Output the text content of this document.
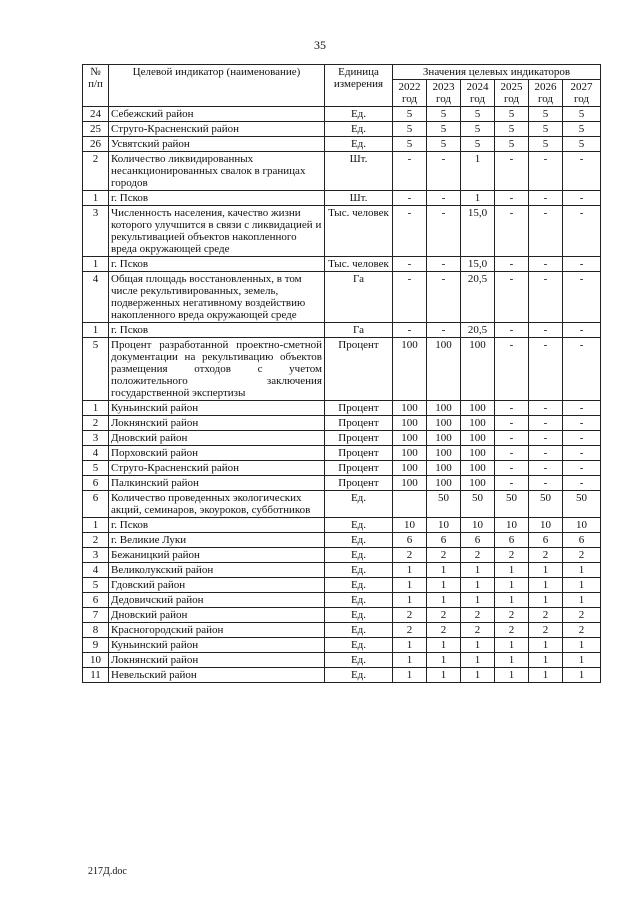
35
№ п/п	Целевой индикатор (наименование)	Единица измерения	Значения целевых индикаторов					
			2022 год	2023 год	2024 год	2025 год	2026 год	2027 год
24	Себежский район	Ед.	5	5	5	5	5	5
25	Струго-Красненский район	Ед.	5	5	5	5	5	5
26	Усвятский район	Ед.	5	5	5	5	5	5
2	Количество ликвидированных несанкционированных свалок в границах городов	Шт.	-	-	1	-	-	-
1	г. Псков	Шт.	-	-	1	-	-	-
3	Численность населения, качество жизни которого улучшится в связи с ликвидацией и рекультивацией объектов накопленного вреда окружающей среде	Тыс. человек	-	-	15,0	-	-	-
1	г. Псков	Тыс. человек	-	-	15,0	-	-	-
4	Общая площадь восстановленных, в том числе рекультивированных, земель, подверженных негативному воздействию накопленного вреда окружающей среде	Га	-	-	20,5	-	-	-
1	г. Псков	Га	-	-	20,5	-	-	-
5	Процент разработанной проектно-сметной документации на рекультивацию объектов размещения отходов с учетом положительного заключения государственной экспертизы	Процент	100	100	100	-	-	-
1	Куньинский район	Процент	100	100	100	-	-	-
2	Локнянский район	Процент	100	100	100	-	-	-
3	Дновский район	Процент	100	100	100	-	-	-
4	Порховский район	Процент	100	100	100	-	-	-
5	Струго-Красненский район	Процент	100	100	100	-	-	-
6	Палкинский район	Процент	100	100	100	-	-	-
6	Количество проведенных экологических акций, семинаров, экоуроков, субботников	Ед.		50	50	50	50	50
1	г. Псков	Ед.	10	10	10	10	10	10
2	г. Великие Луки	Ед.	6	6	6	6	6	6
3	Бежаницкий район	Ед.	2	2	2	2	2	2
4	Великолукский район	Ед.	1	1	1	1	1	1
5	Гдовский район	Ед.	1	1	1	1	1	1
6	Дедовичский район	Ед.	1	1	1	1	1	1
7	Дновский район	Ед.	2	2	2	2	2	2
8	Красногородский район	Ед.	2	2	2	2	2	2
9	Куньинский район	Ед.	1	1	1	1	1	1
10	Локнянский район	Ед.	1	1	1	1	1	1
11	Невельский район	Ед.	1	1	1	1	1	1
217Д.doc
